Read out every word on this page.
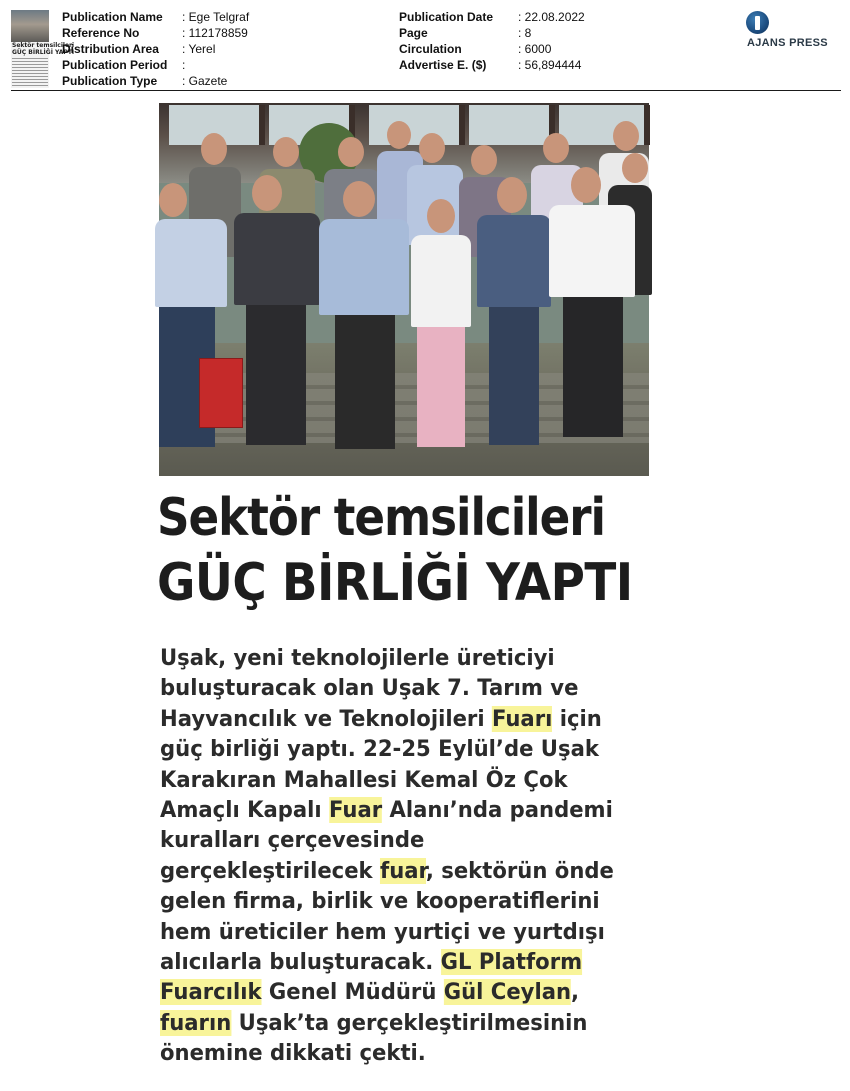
Sektör temsilcileri
GÜÇ BİRLİĞİ YAPTI
Publication Name
Reference No
Distribution Area
Publication Period
Publication Type
: Ege Telgraf
: 112178859
: Yerel
:
: Gazete
Publication Date
Page
Circulation
Advertise E. ($)
: 22.08.2022
: 8
: 6000
: 56,894444
AJANS PRESS
Sektör temsilcileri
GÜÇ BİRLİĞİ YAPTI
Uşak, yeni teknolojilerle üreticiyi
buluşturacak olan Uşak 7. Tarım ve
Hayvancılık ve Teknolojileri Fuarı için
güç birliği yaptı. 22-25 Eylül’de Uşak
Karakıran Mahallesi Kemal Öz Çok
Amaçlı Kapalı Fuar Alanı’nda pandemi
kuralları çerçevesinde
gerçekleştirilecek fuar, sektörün önde
gelen firma, birlik ve kooperatiflerini
hem üreticiler hem yurtiçi ve yurtdışı
alıcılarla buluşturacak. GL Platform
Fuarcılık Genel Müdürü Gül Ceylan,
fuarın Uşak’ta gerçekleştirilmesinin
önemine dikkati çekti.
